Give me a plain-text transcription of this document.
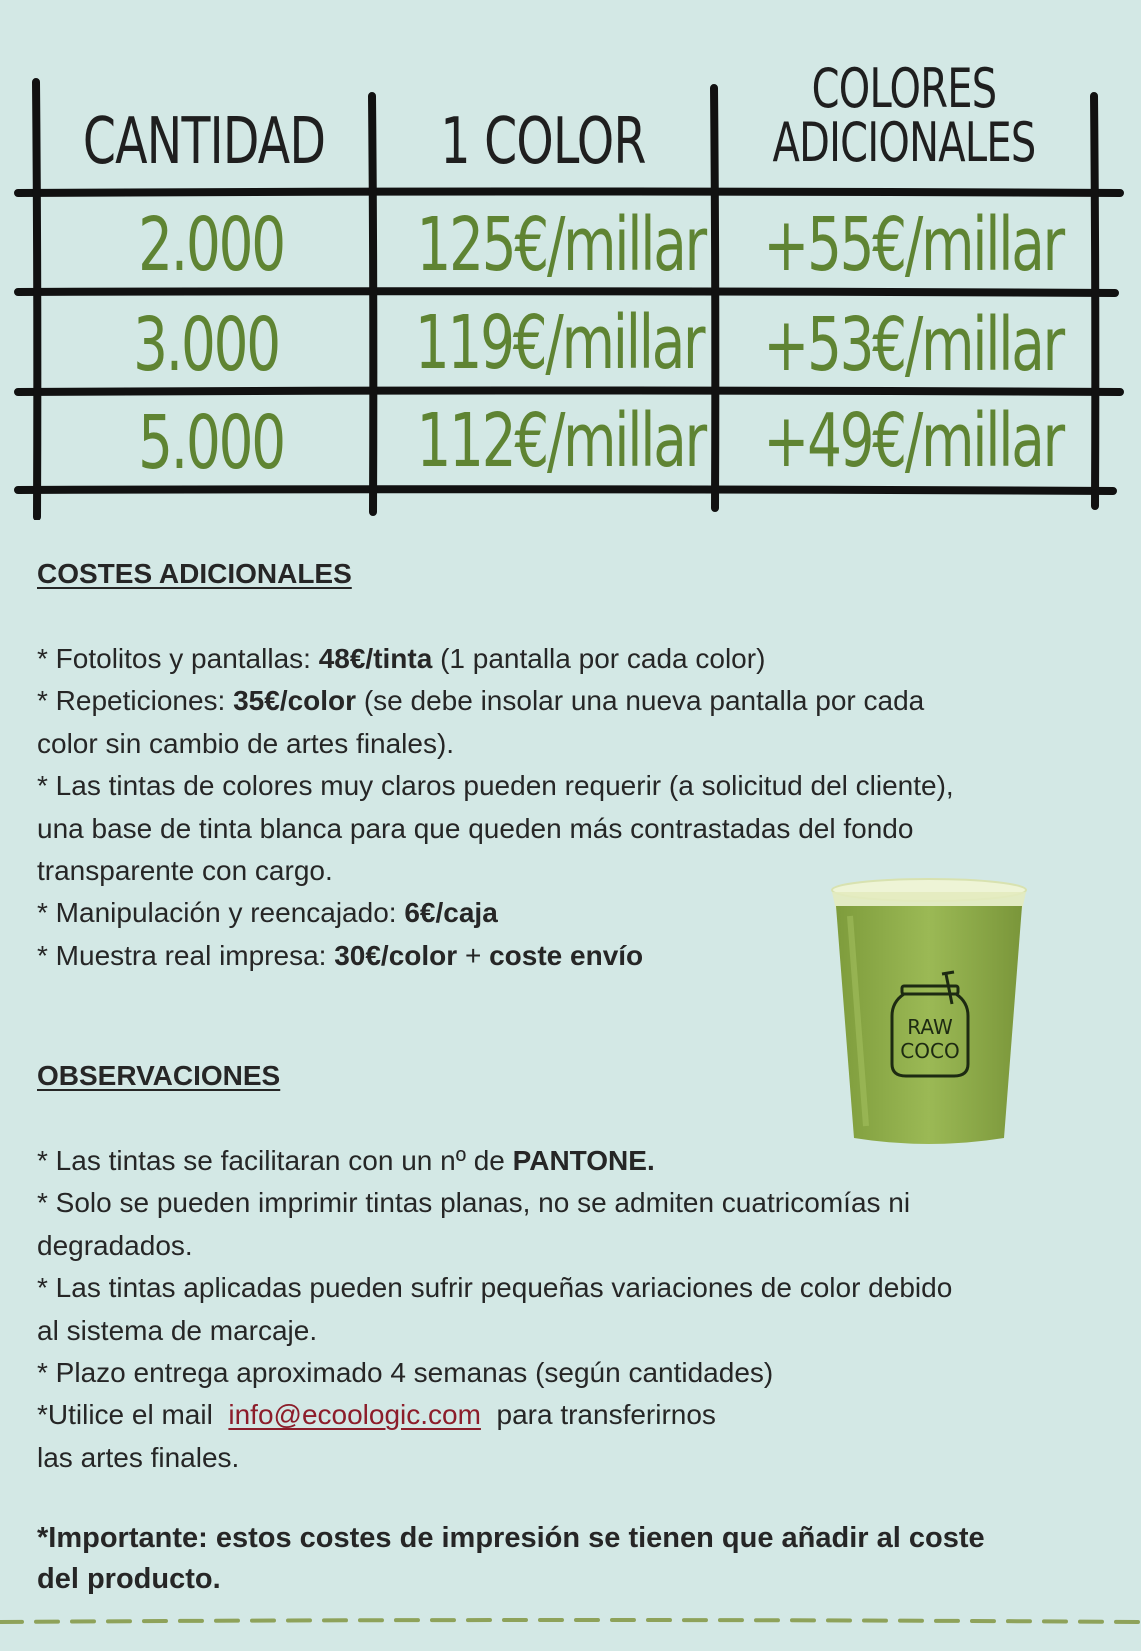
CANTIDAD	1 COLOR
COLORES
ADICIONALES
2.000	125€/millar +55€/millar
3.000	119€/millar +53€/millar
5.000	112€/millar +49€/millar
COSTES ADICIONALES
* Fotolitos y pantallas: 48€/tinta (1 pantalla por cada color)
* Repeticiones: 35€/color (se debe insolar una nueva pantalla por cada
color sin cambio de artes finales).
* Las tintas de colores muy claros pueden requerir (a solicitud del cliente),
una base de tinta blanca para que queden más contrastadas del fondo
transparente con cargo.
* Manipulación y reencajado: 6€/caja
* Muestra real impresa: 30€/color + coste envío
RAW
COCO
OBSERVACIONES
* Las tintas se facilitaran con un nº de PANTONE.
* Solo se pueden imprimir tintas planas, no se admiten cuatricomías ni
degradados.
* Las tintas aplicadas pueden sufrir pequeñas variaciones de color debido
al sistema de marcaje.
* Plazo entrega aproximado 4 semanas (según cantidades)
*Utilice el mail  info@ecoologic.com  para transferirnos
las artes finales.

*Importante: estos costes de impresión se tienen que añadir al coste
del producto.
